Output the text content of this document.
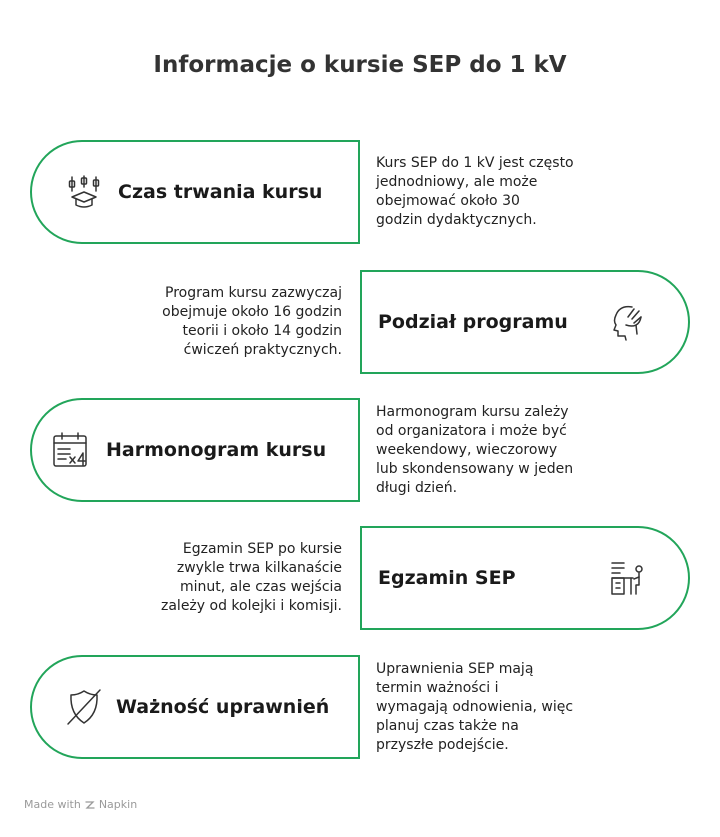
Informacje o kursie SEP do 1 kV
Czas trwania kursu
Kurs SEP do 1 kV jest często
jednodniowy, ale może
obejmować około 30
godzin dydaktycznych.
Podział programu
Program kursu zazwyczaj
obejmuje około 16 godzin
teorii i około 14 godzin
ćwiczeń praktycznych.
Harmonogram kursu
Harmonogram kursu zależy
od organizatora i może być
weekendowy, wieczorowy
lub skondensowany w jeden
długi dzień.
Egzamin SEP
Egzamin SEP po kursie
zwykle trwa kilkanaście
minut, ale czas wejścia
zależy od kolejki i komisji.
Ważność uprawnień
Uprawnienia SEP mają
termin ważności i
wymagają odnowienia, więc
planuj czas także na
przyszłe podejście.
Made with Napkin
